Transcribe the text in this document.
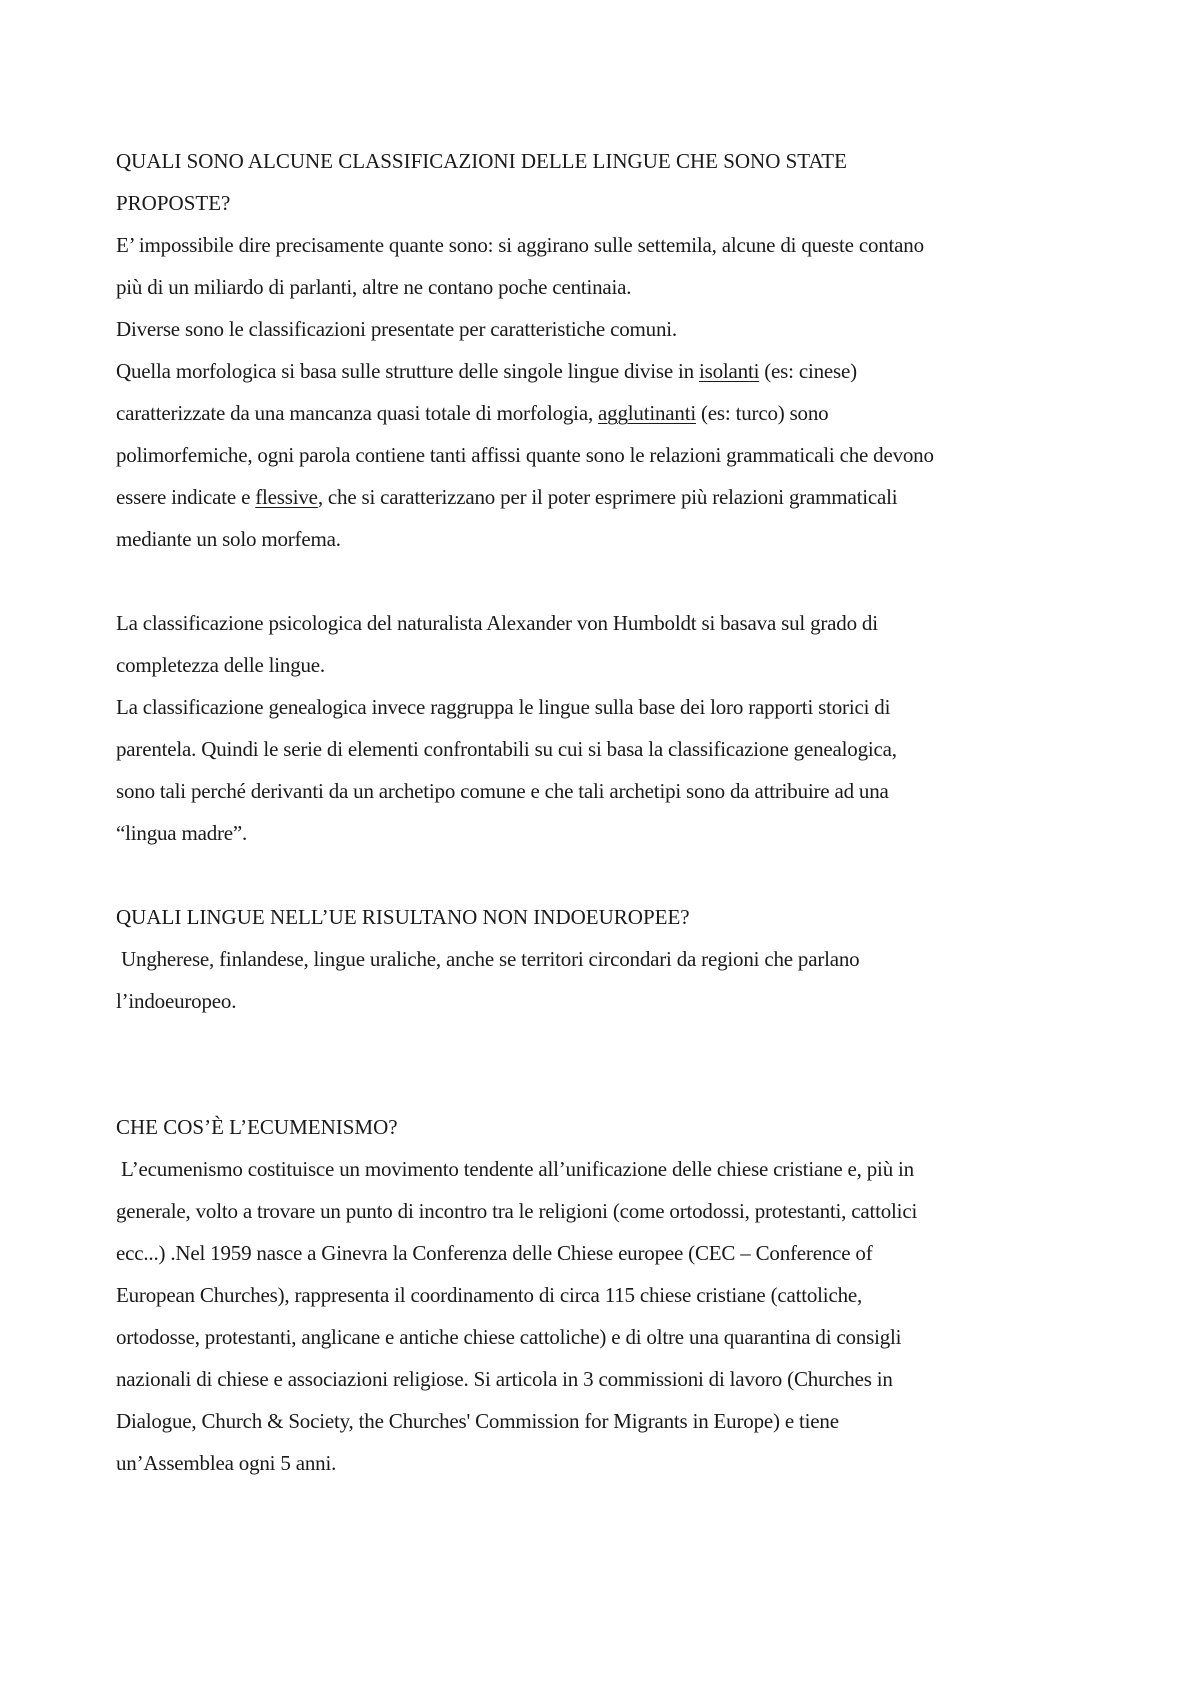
QUALI SONO ALCUNE CLASSIFICAZIONI DELLE LINGUE CHE SONO STATE
PROPOSTE?
E’ impossibile dire precisamente quante sono: si aggirano sulle settemila, alcune di queste contano
più di un miliardo di parlanti, altre ne contano poche centinaia.
Diverse sono le classificazioni presentate per caratteristiche comuni.
Quella morfologica si basa sulle strutture delle singole lingue divise in isolanti (es: cinese)
caratterizzate da una mancanza quasi totale di morfologia, agglutinanti (es: turco) sono
polimorfemiche, ogni parola contiene tanti affissi quante sono le relazioni grammaticali che devono
essere indicate e flessive, che si caratterizzano per il poter esprimere più relazioni grammaticali
mediante un solo morfema.
La classificazione psicologica del naturalista Alexander von Humboldt si basava sul grado di
completezza delle lingue.
La classificazione genealogica invece raggruppa le lingue sulla base dei loro rapporti storici di
parentela. Quindi le serie di elementi confrontabili su cui si basa la classificazione genealogica,
sono tali perché derivanti da un archetipo comune e che tali archetipi sono da attribuire ad una
“lingua madre”.
QUALI LINGUE NELL’UE RISULTANO NON INDOEUROPEE?
Ungherese, finlandese, lingue uraliche, anche se territori circondari da regioni che parlano
l’indoeuropeo.
CHE COS’È L’ECUMENISMO?
L’ecumenismo costituisce un movimento tendente all’unificazione delle chiese cristiane e, più in
generale, volto a trovare un punto di incontro tra le religioni (come ortodossi, protestanti, cattolici
ecc...) .Nel 1959 nasce a Ginevra la Conferenza delle Chiese europee (CEC – Conference of
European Churches), rappresenta il coordinamento di circa 115 chiese cristiane (cattoliche,
ortodosse, protestanti, anglicane e antiche chiese cattoliche) e di oltre una quarantina di consigli
nazionali di chiese e associazioni religiose. Si articola in 3 commissioni di lavoro (Churches in
Dialogue, Church & Society, the Churches' Commission for Migrants in Europe) e tiene
un’Assemblea ogni 5 anni.
